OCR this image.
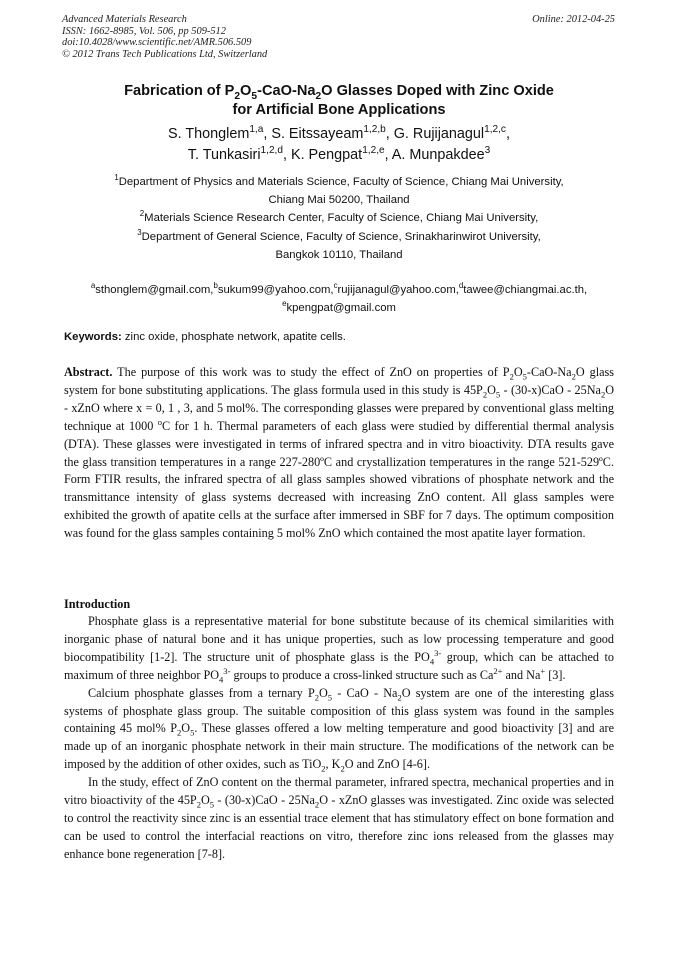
Advanced Materials Research
ISSN: 1662-8985, Vol. 506, pp 509-512
doi:10.4028/www.scientific.net/AMR.506.509
© 2012 Trans Tech Publications Ltd, Switzerland
Online: 2012-04-25
Fabrication of $P_2O_5-CaO-Na_2O$ Glasses Doped with Zinc Oxide
for Artificial Bone Applications
S. Thonglem$^{1,a}$, S. Eitssayeam$^{1,2,b}$, G. Rujijanagul$^{1,2,c}$,
T. Tunkasiri$^{1,2,d}$, K. Pengpat$^{1,2,e}$, A. Munpakdee$^3$
$^1$Department of Physics and Materials Science, Faculty of Science, Chiang Mai University,
Chiang Mai 50200, Thailand
$^2$Materials Science Research Center, Faculty of Science, Chiang Mai University,
$^3$Department of General Science, Faculty of Science, Srinakharinwirot University,
Bangkok 10110, Thailand
$^a$sthonglem@gmail.com,$^b$sukum99@yahoo.com,$^c$rujijanagul@yahoo.com,$^d$tawee@chiangmai.ac.th,
$^e$kpengpat@gmail.com
Keywords: zinc oxide, phosphate network, apatite cells.
Abstract. The purpose of this work was to study the effect of ZnO on properties of $P_2O_5-CaO-Na_2O$ glass system for bone substituting applications. The glass formula used in this study is $45P_2O_5 - (30-x)CaO - 25Na_2O$ - xZnO where x = 0, 1 , 3, and 5 mol%. The corresponding glasses were prepared by conventional glass melting technique at 1000 $^o$C for 1 h. Thermal parameters of each glass were studied by differential thermal analysis (DTA). These glasses were investigated in terms of infrared spectra and in vitro bioactivity. DTA results gave the glass transition temperatures in a range 227-280ºC and crystallization temperatures in the range 521-529ºC. Form FTIR results, the infrared spectra of all glass samples showed vibrations of phosphate network and the transmittance intensity of glass systems decreased with increasing ZnO content. All glass samples were exhibited the growth of apatite cells at the surface after immersed in SBF for 7 days. The optimum composition was found for the glass samples containing 5 mol% ZnO which contained the most apatite layer formation.
Introduction

Phosphate glass is a representative material for bone substitute because of its chemical similarities with inorganic phase of natural bone and it has unique properties, such as low processing temperature and good biocompatibility [1-2]. The structure unit of phosphate glass is the $PO_4^{3-}$ group, which can be attached to maximum of three neighbor $PO_4^{3-}$ groups to produce a cross-linked structure such as $Ca^{2+}$ and Na+ [3].

Calcium phosphate glasses from a ternary $P_2O_5$ - CaO - $Na_2O$ system are one of the interesting glass systems of phosphate glass group. The suitable composition of this glass system was found in the samples containing 45 mol% $P_2O_5$. These glasses offered a low melting temperature and good bioactivity [3] and are made up of an inorganic phosphate network in their main structure. The modifications of the network can be imposed by the addition of other oxides, such as TiO$_2$, $K_2O$ and ZnO [4-6].

In the study, effect of ZnO content on the thermal parameter, infrared spectra, mechanical properties and in vitro bioactivity of the $45P_2O_5 - (30-x)CaO - 25Na_2O$ - xZnO glasses was investigated. Zinc oxide was selected to control the reactivity since zinc is an essential trace element that has stimulatory effect on bone formation and can be used to control the interfacial reactions on vitro, therefore zinc ions released from the glasses may enhance bone regeneration [7-8].
